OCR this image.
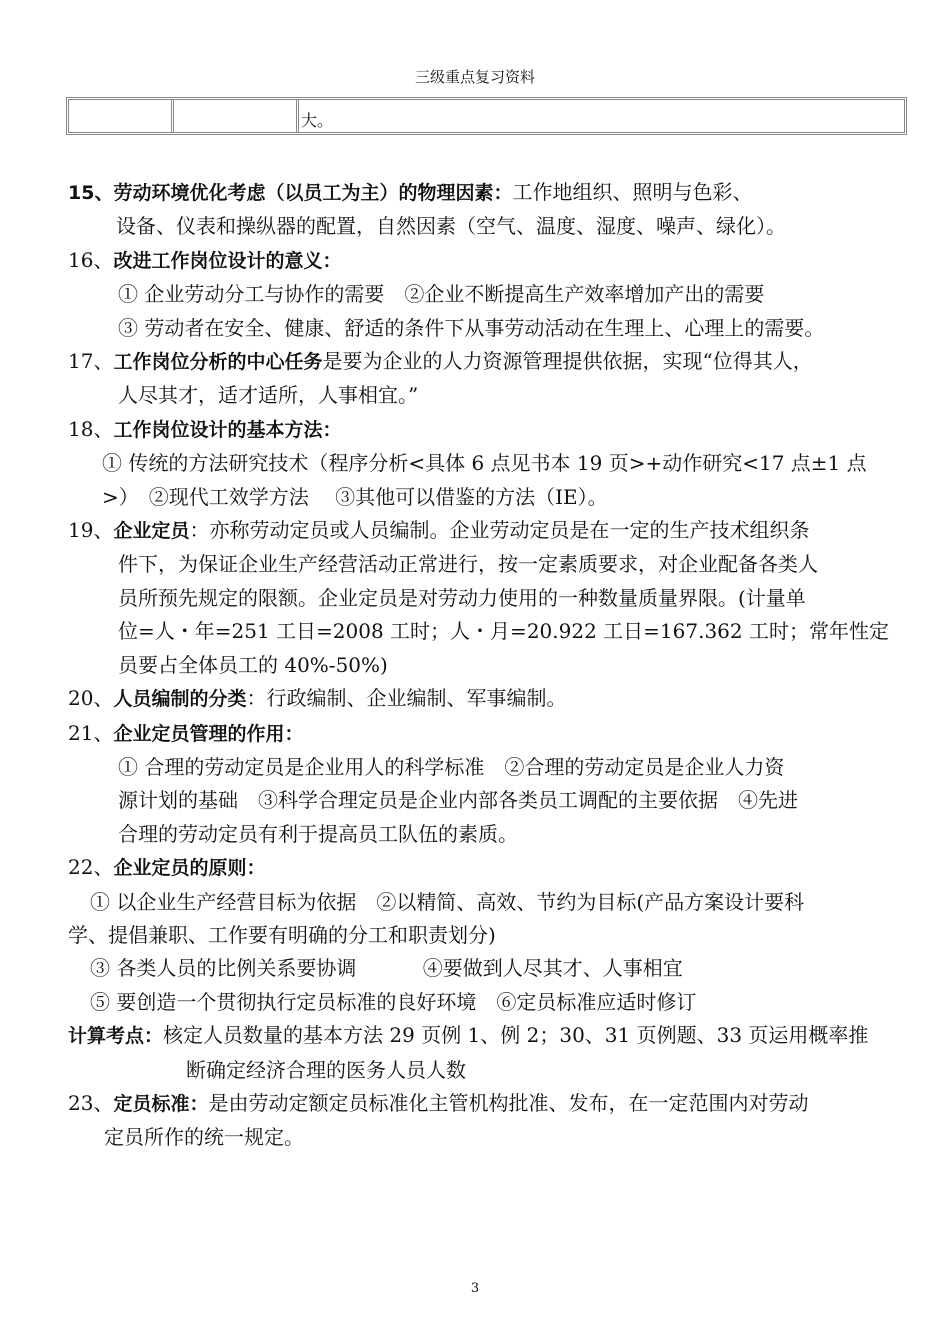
三级重点复习资料
大。
15、劳动环境优化考虑（以员工为主）的物理因素：工作地组织、照明与色彩、
设备、仪表和操纵器的配置，自然因素（空气、温度、湿度、噪声、绿化）。
16、改进工作岗位设计的意义：
① 企业劳动分工与协作的需要　②企业不断提高生产效率增加产出的需要
③ 劳动者在安全、健康、舒适的条件下从事劳动活动在生理上、心理上的需要。
17、工作岗位分析的中心任务是要为企业的人力资源管理提供依据，实现“位得其人，
人尽其才，适才适所，人事相宜。”
18、工作岗位设计的基本方法：
① 传统的方法研究技术（程序分析<具体 6 点见书本 19 页>+动作研究<17 点±1 点
>）　②现代工效学方法　 ③其他可以借鉴的方法（IE）。
19、企业定员：亦称劳动定员或人员编制。企业劳动定员是在一定的生产技术组织条
件下，为保证企业生产经营活动正常进行，按一定素质要求，对企业配备各类人
员所预先规定的限额。企业定员是对劳动力使用的一种数量质量界限。(计量单
位=人・年=251 工日=2008 工时；人・月=20.922 工日=167.362 工时；常年性定
员要占全体员工的 40%-50%)
20、人员编制的分类：行政编制、企业编制、军事编制。
21、企业定员管理的作用：
① 合理的劳动定员是企业用人的科学标准　②合理的劳动定员是企业人力资
源计划的基础　③科学合理定员是企业内部各类员工调配的主要依据　④先进
合理的劳动定员有利于提高员工队伍的素质。
22、企业定员的原则：
① 以企业生产经营目标为依据　②以精简、高效、节约为目标(产品方案设计要科
学、提倡兼职、工作要有明确的分工和职责划分)
③ 各类人员的比例关系要协调　　　 ④要做到人尽其才、人事相宜
⑤ 要创造一个贯彻执行定员标准的良好环境　⑥定员标准应适时修订
计算考点：核定人员数量的基本方法 29 页例 1、例 2；30、31 页例题、33 页运用概率推
断确定经济合理的医务人员人数
23、定员标准：是由劳动定额定员标准化主管机构批准、发布，在一定范围内对劳动
定员所作的统一规定。
3
